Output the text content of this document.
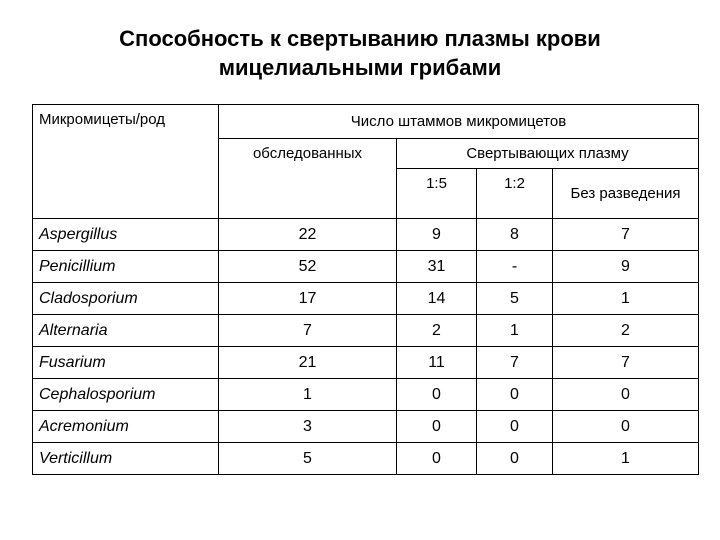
Способность к свертыванию плазмы крови
мицелиальными грибами
Микромицеты/род	Число штаммов микромицетов			
	обследованных	Свертывающих плазму		
		1:5	1:2	Без разведения
Aspergillus	22	9	8	7
Penicillium	52	31	-	9
Cladosporium	17	14	5	1
Alternaria	7	2	1	2
Fusarium	21	11	7	7
Cephalosporium	1	0	0	0
Acremonium	3	0	0	0
Verticillum	5	0	0	1
